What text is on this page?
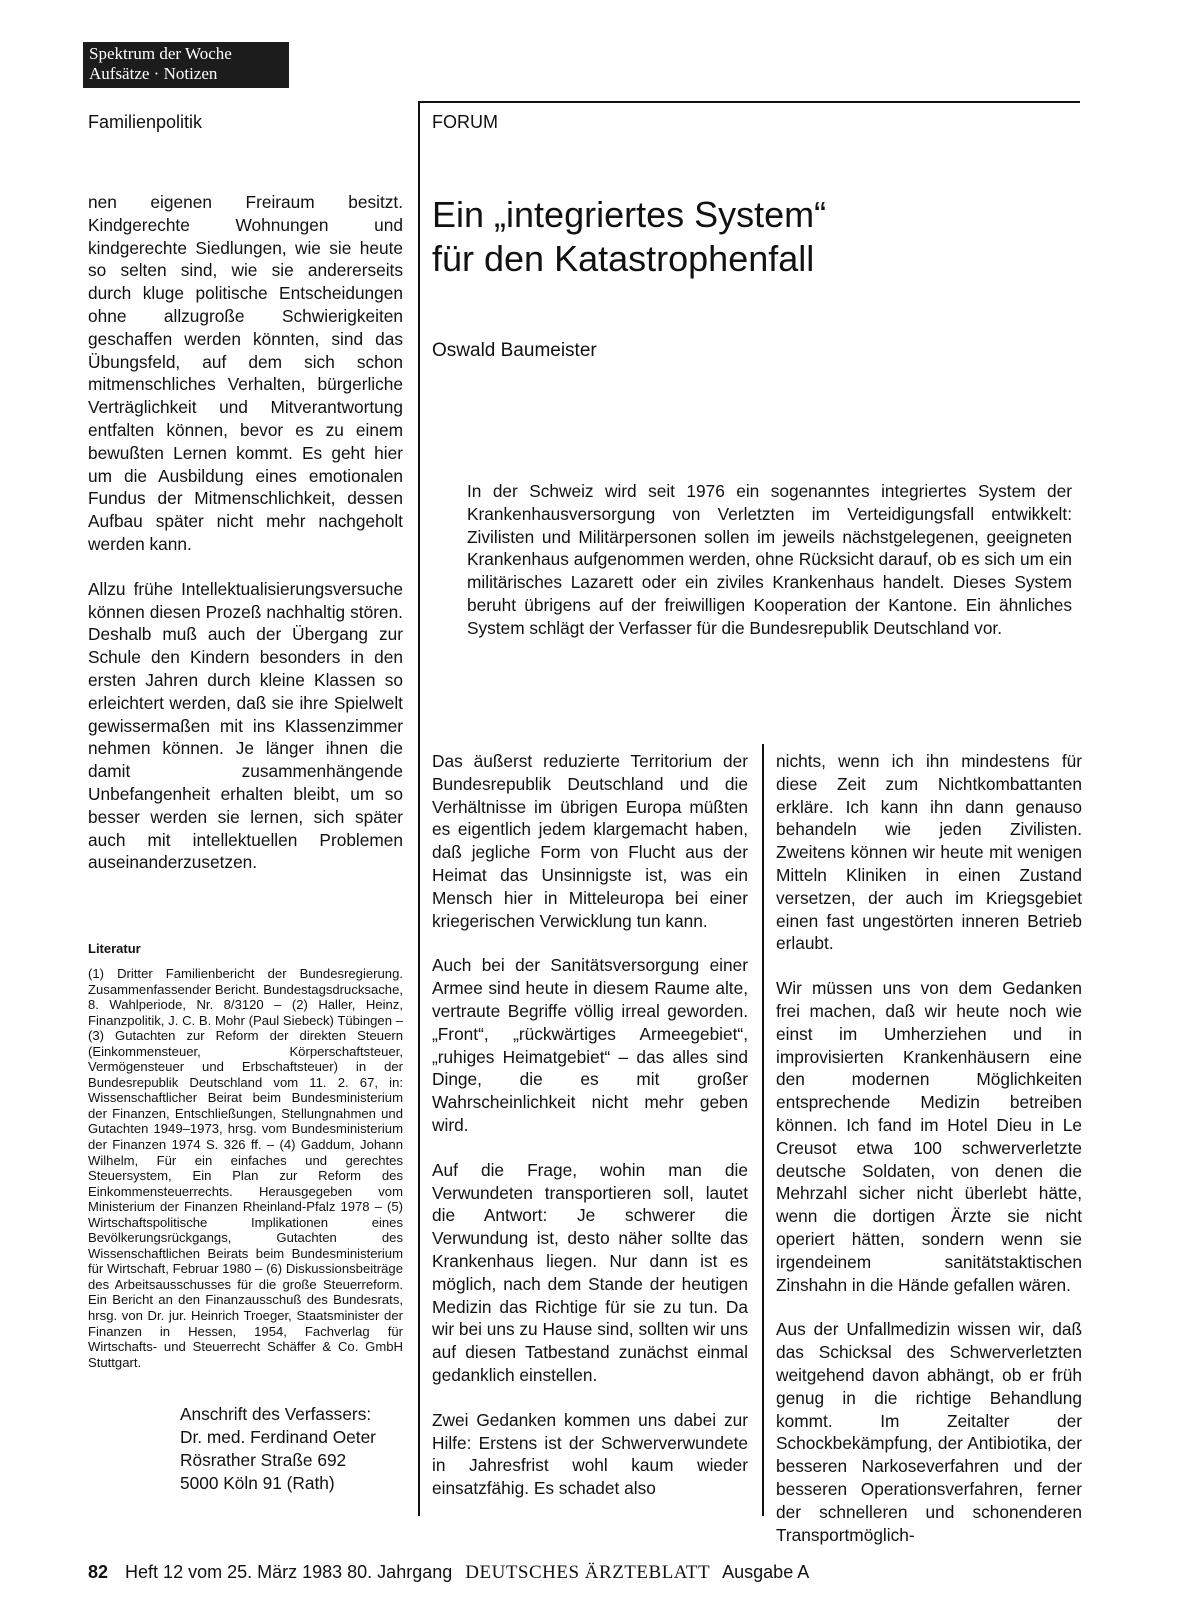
Spektrum der Woche
Aufsätze · Notizen
Familienpolitik	FORUM

nen eigenen Freiraum besitzt. Kindgerechte Wohnungen und kindgerechte Siedlungen, wie sie heute so selten sind, wie sie andererseits durch kluge politische Entscheidungen ohne allzugroße Schwierigkeiten geschaffen werden könnten, sind das Übungsfeld, auf dem sich schon mitmenschliches Verhalten, bürgerliche Verträglichkeit und Mitverantwortung entfalten können, bevor es zu einem bewußten Lernen kommt. Es geht hier um die Ausbildung eines emotionalen Fundus der Mitmenschlichkeit, dessen Aufbau später nicht mehr nachgeholt werden kann.

Allzu frühe Intellektualisierungsversuche können diesen Prozeß nachhaltig stören. Deshalb muß auch der Übergang zur Schule den Kindern besonders in den ersten Jahren durch kleine Klassen so erleichtert werden, daß sie ihre Spielwelt gewissermaßen mit ins Klassenzimmer nehmen können. Je länger ihnen die damit zusammenhängende Unbefangenheit erhalten bleibt, um so besser werden sie lernen, sich später auch mit intellektuellen Problemen auseinanderzusetzen.

Literatur
(1) Dritter Familienbericht der Bundesregierung. Zusammenfassender Bericht. Bundestagsdrucksache, 8. Wahlperiode, Nr. 8/3120 – (2) Haller, Heinz, Finanzpolitik, J. C. B. Mohr (Paul Siebeck) Tübingen – (3) Gutachten zur Reform der direkten Steuern (Einkommensteuer, Körperschaftsteuer, Vermögensteuer und Erbschaftsteuer) in der Bundesrepublik Deutschland vom 11. 2. 67, in: Wissenschaftlicher Beirat beim Bundesministerium der Finanzen, Entschließungen, Stellungnahmen und Gutachten 1949–1973, hrsg. vom Bundesministerium der Finanzen 1974 S. 326 ff. – (4) Gaddum, Johann Wilhelm, Für ein einfaches und gerechtes Steuersystem, Ein Plan zur Reform des Einkommensteuerrechts. Herausgegeben vom Ministerium der Finanzen Rheinland-Pfalz 1978 – (5) Wirtschaftspolitische Implikationen eines Bevölkerungsrückgangs, Gutachten des Wissenschaftlichen Beirats beim Bundesministerium für Wirtschaft, Februar 1980 – (6) Diskussionsbeiträge des Arbeitsausschusses für die große Steuerreform. Ein Bericht an den Finanzausschuß des Bundesrats, hrsg. von Dr. jur. Heinrich Troeger, Staatsminister der Finanzen in Hessen, 1954, Fachverlag für Wirtschafts- und Steuerrecht Schäffer & Co. GmbH Stuttgart.
Anschrift des Verfassers:
Dr. med. Ferdinand Oeter
Rösrather Straße 692
5000 Köln 91 (Rath)
Ein „integriertes System“
für den Katastrophenfall
Oswald Baumeister
In der Schweiz wird seit 1976 ein sogenanntes integriertes System der Krankenhausversorgung von Verletzten im Verteidigungsfall entwikkelt: Zivilisten und Militärpersonen sollen im jeweils nächstgelegenen, geeigneten Krankenhaus aufgenommen werden, ohne Rücksicht darauf, ob es sich um ein militärisches Lazarett oder ein ziviles Krankenhaus handelt. Dieses System beruht übrigens auf der freiwilligen Kooperation der Kantone. Ein ähnliches System schlägt der Verfasser für die Bundesrepublik Deutschland vor.

Das äußerst reduzierte Territorium der Bundesrepublik Deutschland und die Verhältnisse im übrigen Europa müßten es eigentlich jedem klargemacht haben, daß jegliche Form von Flucht aus der Heimat das Unsinnigste ist, was ein Mensch hier in Mitteleuropa bei einer kriegerischen Verwicklung tun kann.

Auch bei der Sanitätsversorgung einer Armee sind heute in diesem Raume alte, vertraute Begriffe völlig irreal geworden. „Front“, „rückwärtiges Armeegebiet“, „ruhiges Heimatgebiet“ – das alles sind Dinge, die es mit großer Wahrscheinlichkeit nicht mehr geben wird.

Auf die Frage, wohin man die Verwundeten transportieren soll, lautet die Antwort: Je schwerer die Verwundung ist, desto näher sollte das Krankenhaus liegen. Nur dann ist es möglich, nach dem Stande der heutigen Medizin das Richtige für sie zu tun. Da wir bei uns zu Hause sind, sollten wir uns auf diesen Tatbestand zunächst einmal gedanklich einstellen.

Zwei Gedanken kommen uns dabei zur Hilfe: Erstens ist der Schwerverwundete in Jahresfrist wohl kaum wieder einsatzfähig. Es schadet also

nichts, wenn ich ihn mindestens für diese Zeit zum Nichtkombattanten erkläre. Ich kann ihn dann genauso behandeln wie jeden Zivilisten. Zweitens können wir heute mit wenigen Mitteln Kliniken in einen Zustand versetzen, der auch im Kriegsgebiet einen fast ungestörten inneren Betrieb erlaubt.

Wir müssen uns von dem Gedanken frei machen, daß wir heute noch wie einst im Umherziehen und in improvisierten Krankenhäusern eine den modernen Möglichkeiten entsprechende Medizin betreiben können. Ich fand im Hotel Dieu in Le Creusot etwa 100 schwerverletzte deutsche Soldaten, von denen die Mehrzahl sicher nicht überlebt hätte, wenn die dortigen Ärzte sie nicht operiert hätten, sondern wenn sie irgendeinem sanitätstaktischen Zinshahn in die Hände gefallen wären.

Aus der Unfallmedizin wissen wir, daß das Schicksal des Schwerverletzten weitgehend davon abhängt, ob er früh genug in die richtige Behandlung kommt. Im Zeitalter der Schockbekämpfung, der Antibiotika, der besseren Narkoseverfahren und der besseren Operationsverfahren, ferner der schnelleren und schonenderen Transportmöglich-

82 Heft 12 vom 25. März 1983 80. Jahrgang DEUTSCHES ÄRZTEBLATT Ausgabe A
